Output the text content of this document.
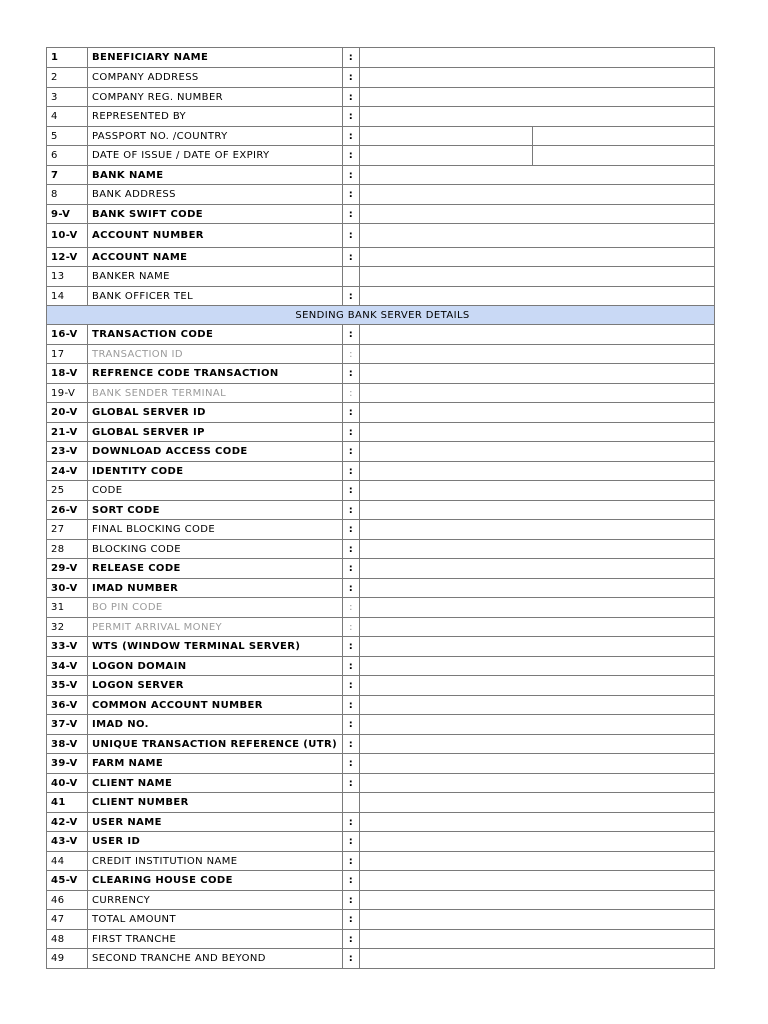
1	BENEFICIARY NAME	:		
2	COMPANY ADDRESS	:		
3	COMPANY REG. NUMBER	:		
4	REPRESENTED BY	:		
5	PASSPORT NO. /COUNTRY	:		
6	DATE OF ISSUE / DATE OF EXPIRY	:		
7	BANK NAME	:		
8	BANK ADDRESS	:		
9-V	BANK SWIFT CODE	:		
10-V	ACCOUNT NUMBER	:		
12-V	ACCOUNT NAME	:		
13	BANKER NAME			
14	BANK OFFICER TEL	:		
SENDING BANK SERVER DETAILS				
16-V	TRANSACTION CODE	:		
17	TRANSACTION ID	:		
18-V	REFRENCE CODE TRANSACTION	:		
19-V	BANK SENDER TERMINAL	:		
20-V	GLOBAL SERVER ID	:		
21-V	GLOBAL SERVER IP	:		
23-V	DOWNLOAD ACCESS CODE	:		
24-V	IDENTITY CODE	:		
25	CODE	:		
26-V	SORT CODE	:		
27	FINAL BLOCKING CODE	:		
28	BLOCKING CODE	:		
29-V	RELEASE CODE	:		
30-V	IMAD NUMBER	:		
31	BO PIN CODE	:		
32	PERMIT ARRIVAL MONEY	:		
33-V	WTS (WINDOW TERMINAL SERVER)	:		
34-V	LOGON DOMAIN	:		
35-V	LOGON SERVER	:		
36-V	COMMON ACCOUNT NUMBER	:		
37-V	IMAD NO.	:		
38-V	UNIQUE TRANSACTION REFERENCE (UTR)	:		
39-V	FARM NAME	:		
40-V	CLIENT NAME	:		
41	CLIENT NUMBER			
42-V	USER NAME	:		
43-V	USER ID	:		
44	CREDIT INSTITUTION NAME	:		
45-V	CLEARING HOUSE CODE	:		
46	CURRENCY	:		
47	TOTAL AMOUNT	:		
48	FIRST TRANCHE	:		
49	SECOND TRANCHE AND BEYOND	:		
